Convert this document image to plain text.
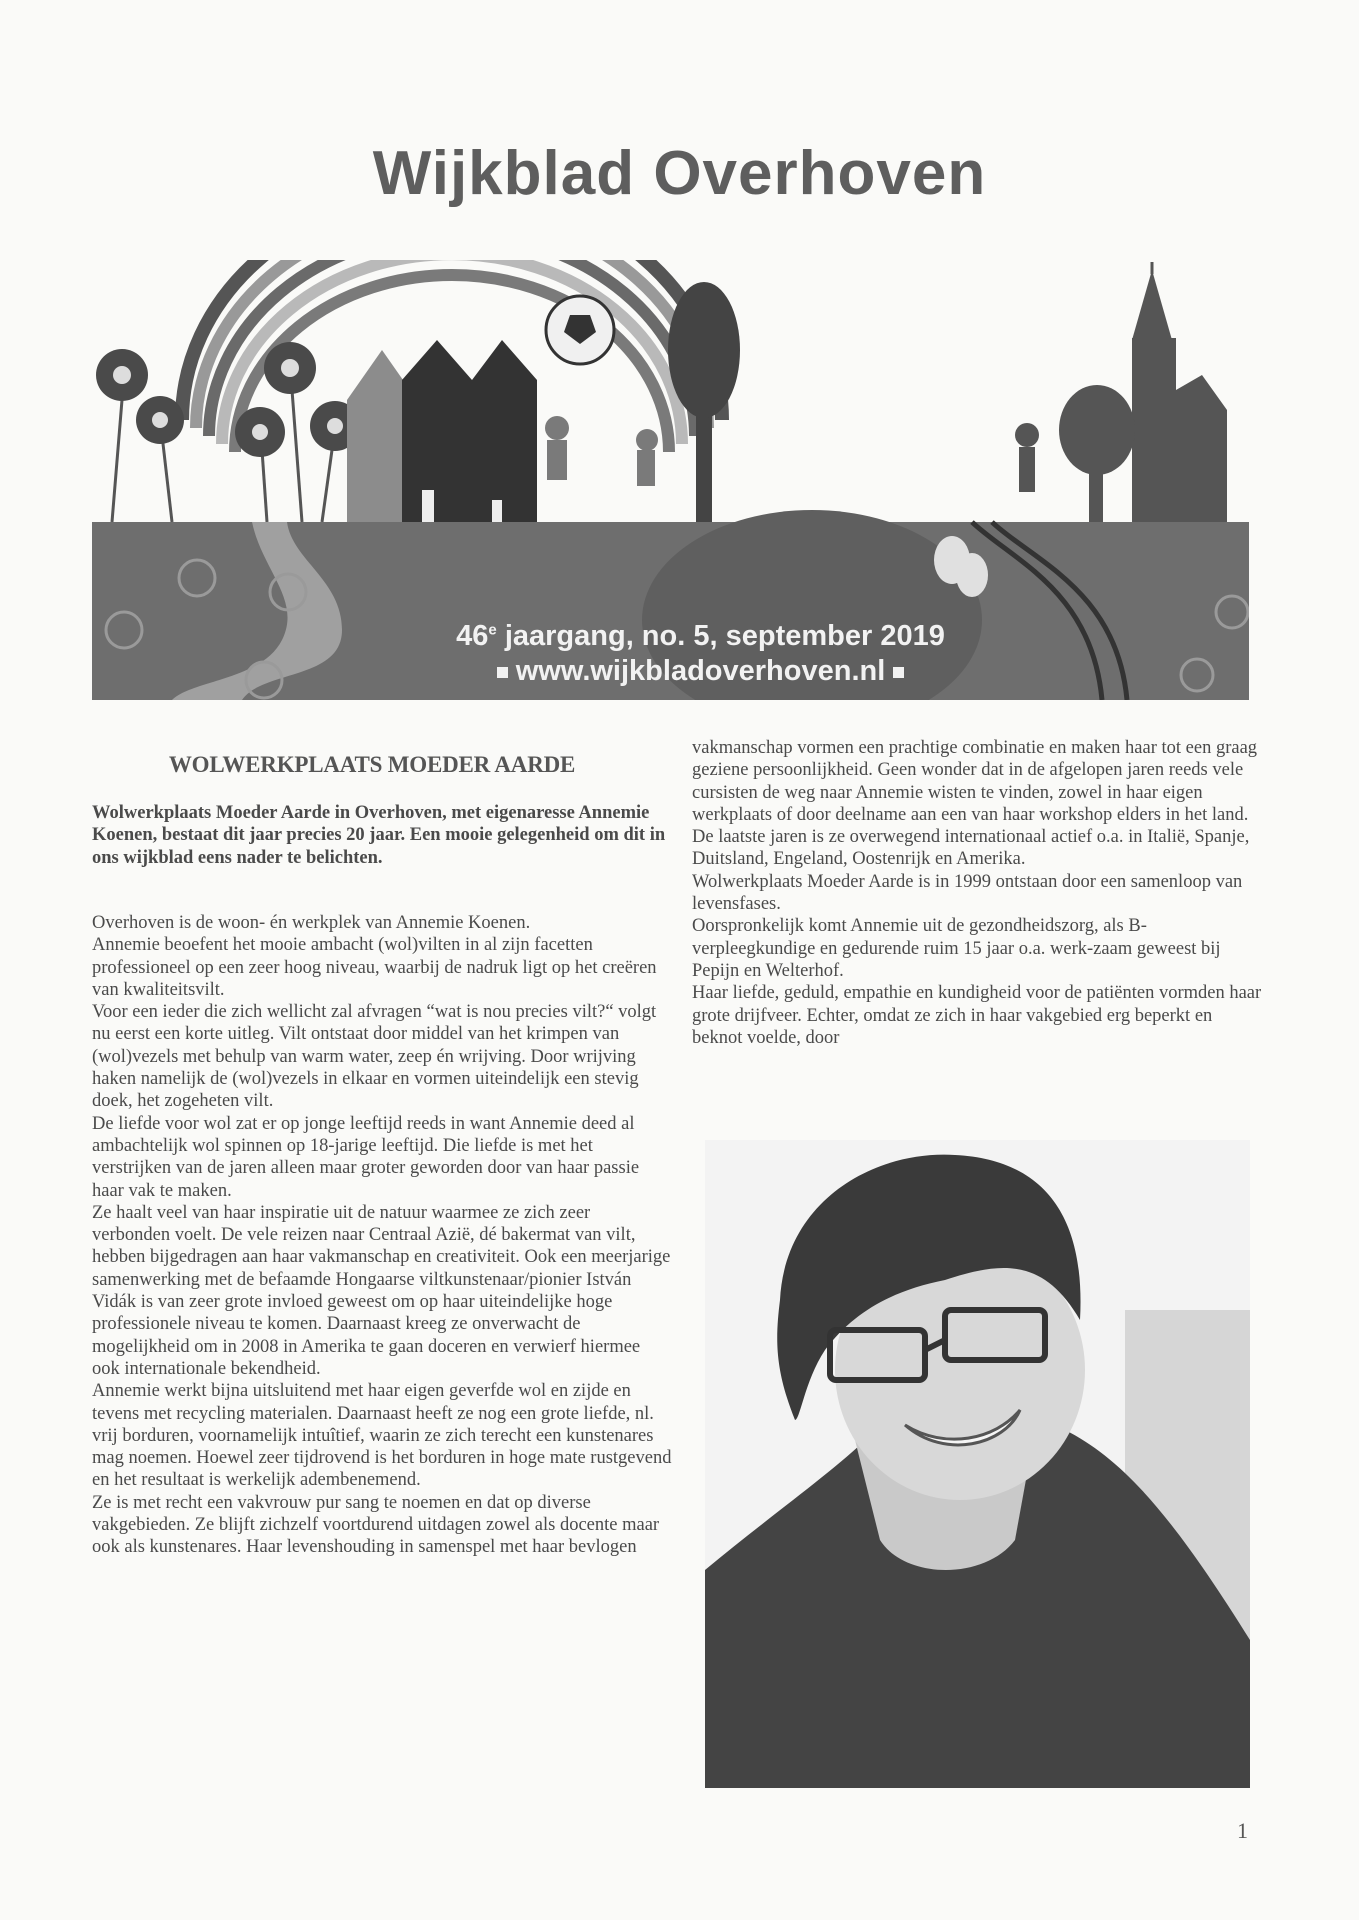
Wijkblad Overhoven
46e jaargang, no. 5, september 2019
www.wijkbladoverhoven.nl
WOLWERKPLAATS MOEDER AARDE
Wolwerkplaats Moeder Aarde in Overhoven, met eigenaresse Annemie Koenen, bestaat dit jaar precies 20 jaar. Een mooie gelegenheid om dit in ons wijkblad eens nader te belichten.

Overhoven is de woon- én werkplek van Annemie Koenen.

Annemie beoefent het mooie ambacht (wol)vilten in al zijn facetten professioneel op een zeer hoog niveau, waarbij de nadruk ligt op het creëren van kwaliteitsvilt.

Voor een ieder die zich wellicht zal afvragen “wat is nou precies vilt?“ volgt nu eerst een korte uitleg. Vilt ontstaat door middel van het krimpen van (wol)vezels met behulp van warm water, zeep én wrijving. Door wrijving haken namelijk de (wol)vezels in elkaar en vormen uiteindelijk een stevig doek, het zogeheten vilt.

De liefde voor wol zat er op jonge leeftijd reeds in want Annemie deed al ambachtelijk wol spinnen op 18-jarige leeftijd. Die liefde is met het verstrijken van de jaren alleen maar groter geworden door van haar passie haar vak te maken.

Ze haalt veel van haar inspiratie uit de natuur waarmee ze zich zeer verbonden voelt. De vele reizen naar Centraal Azië, dé bakermat van vilt, hebben bijgedragen aan haar vakmanschap en creativiteit. Ook een meerjarige samenwerking met de befaamde Hongaarse viltkunstenaar/pionier István Vidák is van zeer grote invloed geweest om op haar uiteindelijke hoge professionele niveau te komen. Daarnaast kreeg ze onverwacht de mogelijkheid om in 2008 in Amerika te gaan doceren en verwierf hiermee ook internationale bekendheid.

Annemie werkt bijna uitsluitend met haar eigen geverfde wol en zijde en tevens met recycling materialen. Daarnaast heeft ze nog een grote liefde, nl. vrij borduren, voornamelijk intuîtief, waarin ze zich terecht een kunstenares mag noemen. Hoewel zeer tijdrovend is het borduren in hoge mate rustgevend en het resultaat is werkelijk adembenemend.

Ze is met recht een vakvrouw pur sang te noemen en dat op diverse vakgebieden. Ze blijft zichzelf voortdurend uitdagen zowel als docente maar ook als kunstenares. Haar levenshouding in samenspel met haar bevlogen

vakmanschap vormen een prachtige combinatie en maken haar tot een graag geziene persoonlijkheid. Geen wonder dat in de afgelopen jaren reeds vele cursisten de weg naar Annemie wisten te vinden, zowel in haar eigen werkplaats of door deelname aan een van haar workshop elders in het land. De laatste jaren is ze overwegend internationaal actief o.a. in Italië, Spanje, Duitsland, Engeland, Oostenrijk en Amerika.

Wolwerkplaats Moeder Aarde is in 1999 ontstaan door een samenloop van levensfases.

Oorspronkelijk komt Annemie uit de gezondheidszorg, als B-verpleegkundige en gedurende ruim 15 jaar o.a. werk-zaam geweest bij Pepijn en Welterhof.

Haar liefde, geduld, empathie en kundigheid voor de patiënten vormden haar grote drijfveer. Echter, omdat ze zich in haar vakgebied erg beperkt en beknot voelde, door

1
